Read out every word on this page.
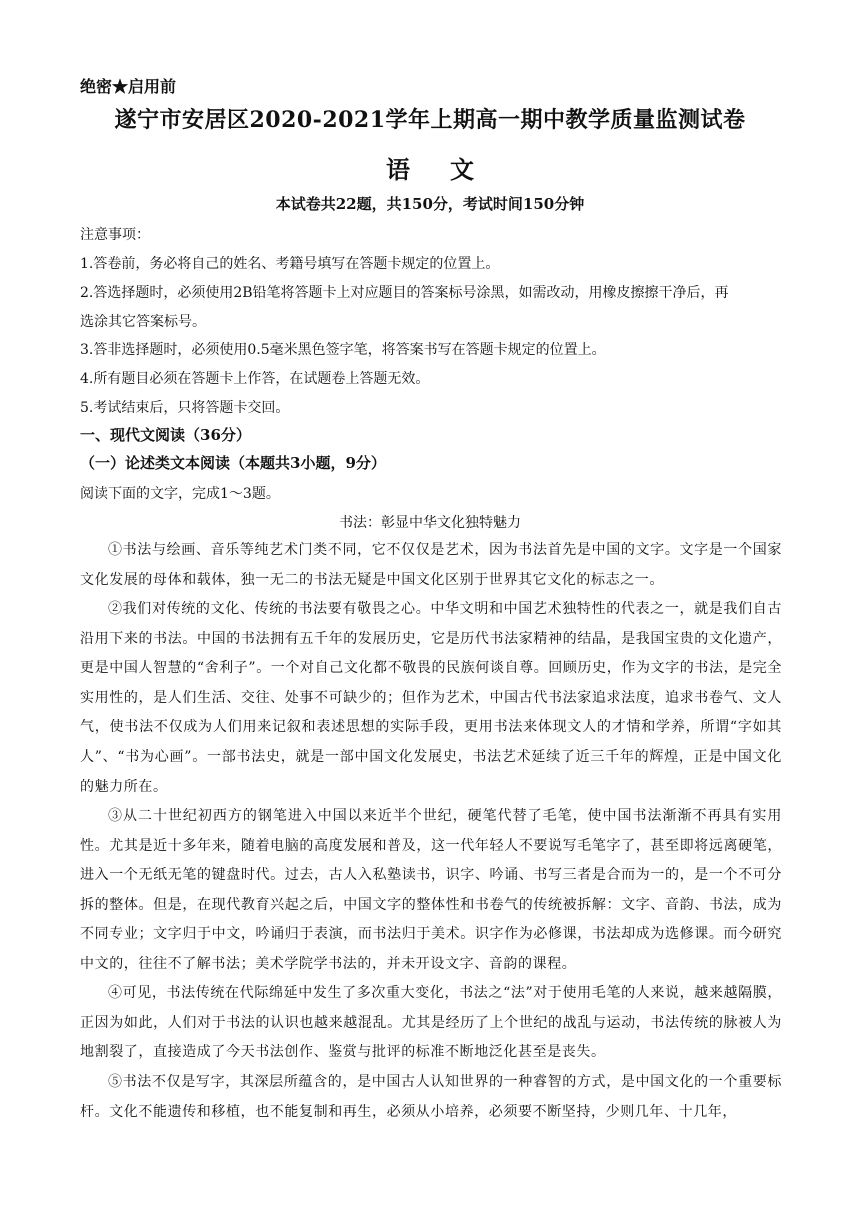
绝密★启用前
遂宁市安居区2020-2021学年上期高一期中教学质量监测试卷
语 文
本试卷共22题，共150分，考试时间150分钟
注意事项：
1.答卷前，务必将自己的姓名、考籍号填写在答题卡规定的位置上。
2.答选择题时，必须使用2B铅笔将答题卡上对应题目的答案标号涂黑，如需改动，用橡皮擦擦干净后，再
选涂其它答案标号。
3.答非选择题时，必须使用0.5毫米黑色签字笔，将答案书写在答题卡规定的位置上。
4.所有题目必须在答题卡上作答，在试题卷上答题无效。
5.考试结束后，只将答题卡交回。
一、现代文阅读（36分）
（一）论述类文本阅读（本题共3小题，9分）
阅读下面的文字，完成1～3题。
书法：彰显中华文化独特魅力
①书法与绘画、音乐等纯艺术门类不同，它不仅仅是艺术，因为书法首先是中国的文字。文字是一个国家文化发展的母体和载体，独一无二的书法无疑是中国文化区别于世界其它文化的标志之一。
②我们对传统的文化、传统的书法要有敬畏之心。中华文明和中国艺术独特性的代表之一，就是我们自古沿用下来的书法。中国的书法拥有五千年的发展历史，它是历代书法家精神的结晶，是我国宝贵的文化遗产，更是中国人智慧的“舍利子”。一个对自己文化都不敬畏的民族何谈自尊。回顾历史，作为文字的书法，是完全实用性的，是人们生活、交往、处事不可缺少的；但作为艺术，中国古代书法家追求法度，追求书卷气、文人气，使书法不仅成为人们用来记叙和表述思想的实际手段，更用书法来体现文人的才情和学养，所谓“字如其人”、“书为心画”。一部书法史，就是一部中国文化发展史，书法艺术延续了近三千年的辉煌，正是中国文化的魅力所在。
③从二十世纪初西方的钢笔进入中国以来近半个世纪，硬笔代替了毛笔，使中国书法渐渐不再具有实用性。尤其是近十多年来，随着电脑的高度发展和普及，这一代年轻人不要说写毛笔字了，甚至即将远离硬笔，进入一个无纸无笔的键盘时代。过去，古人入私塾读书，识字、吟诵、书写三者是合而为一的，是一个不可分拆的整体。但是，在现代教育兴起之后，中国文字的整体性和书卷气的传统被拆解：文字、音韵、书法，成为不同专业；文字归于中文，吟诵归于表演，而书法归于美术。识字作为必修课，书法却成为选修课。而今研究中文的，往往不了解书法；美术学院学书法的，并未开设文字、音韵的课程。
④可见，书法传统在代际绵延中发生了多次重大变化，书法之“法”对于使用毛笔的人来说，越来越隔膜，正因为如此，人们对于书法的认识也越来越混乱。尤其是经历了上个世纪的战乱与运动，书法传统的脉被人为地割裂了，直接造成了今天书法创作、鉴赏与批评的标准不断地泛化甚至是丧失。
⑤书法不仅是写字，其深层所蕴含的，是中国古人认知世界的一种睿智的方式，是中国文化的一个重要标杆。文化不能遗传和移植，也不能复制和再生，必须从小培养，必须要不断坚持，少则几年、十几年，
